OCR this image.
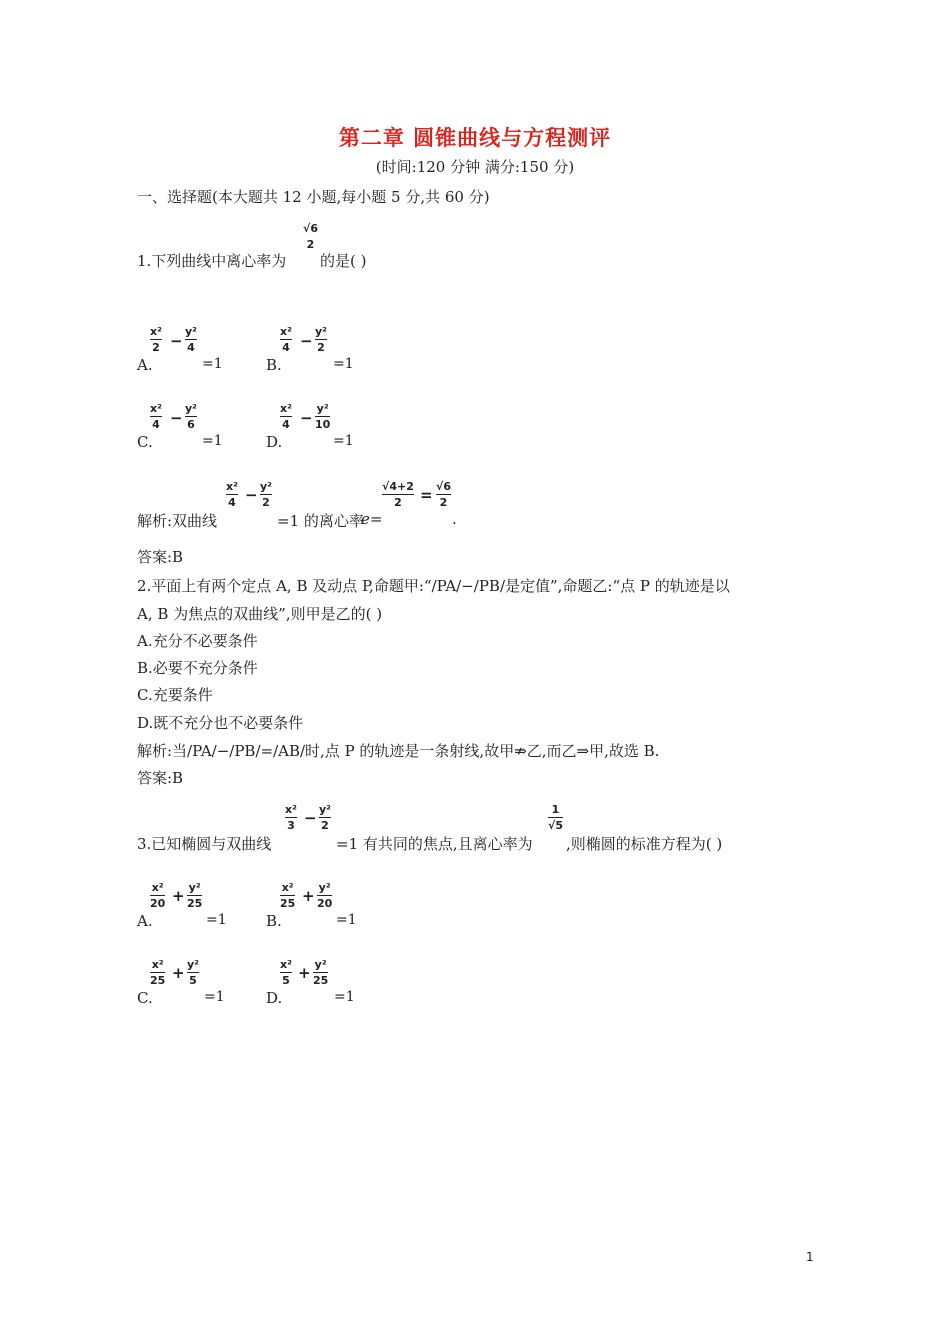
第二章 圆锥曲线与方程测评
(时间:120 分钟 满分:150 分)
一、选择题(本大题共 12 小题,每小题 5 分,共 60 分)
1.下列曲线中离心率为
√6
2
的是( )
A.
x²
2 −
y²
4
=1	B.
x²
4 −
y²
2
=1
C.
x²
4 −
y²
6
=1	D.
x²
4 −
y²
10
=1
解析:双曲线
x²
4 − y²
2
=1 的离心率
e=
√4+2
2	= √6
2
.
答案:B
2.平面上有两个定点 A, B 及动点 P,命题甲:“/PA/−/PB/是定值”,命题乙:“点 P 的轨迹是以
A, B 为焦点的双曲线”,则甲是乙的( )
A.充分不必要条件
B.必要不充分条件
C.充要条件
D.既不充分也不必要条件
解析:当/PA/−/PB/=/AB/时,点 P 的轨迹是一条射线,故甲⇏乙,而乙⇒甲,故选 B.
答案:B
3.已知椭圆与双曲线
x²
3 − y²
2
=1 有共同的焦点,且离心率为
1
√5
,则椭圆的标准方程为( )
A.
x²
20 + y²
25
=1	B.
x²
25 + y²
20
=1
C.
x²
25 + y²
5
=1	D.
x²
5 + y²
25
=1
1
